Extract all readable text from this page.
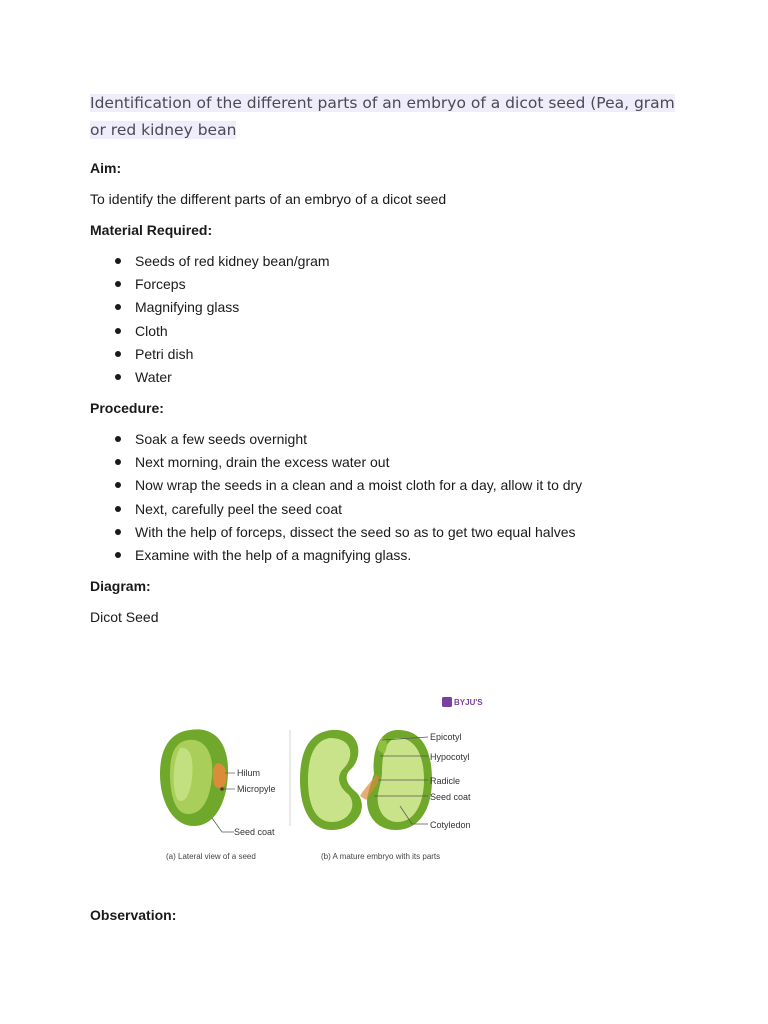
Identification of the different parts of an embryo of a dicot seed (Pea, gram or red kidney bean
Aim:
To identify the different parts of an embryo of a dicot seed
Material Required:
Seeds of red kidney bean/gram
Forceps
Magnifying glass
Cloth
Petri dish
Water
Procedure:
Soak a few seeds overnight
Next morning, drain the excess water out
Now wrap the seeds in a clean and a moist cloth for a day, allow it to dry
Next, carefully peel the seed coat
With the help of forceps, dissect the seed so as to get two equal halves
Examine with the help of a magnifying glass.
Diagram:
Dicot Seed
BYJU'S
Hilum
Micropyle
Seed coat
Epicotyl
Hypocotyl
Radicle
Seed coat
Cotyledon
(a) Lateral view of a seed	(b) A mature embryo with its parts
Observation:
